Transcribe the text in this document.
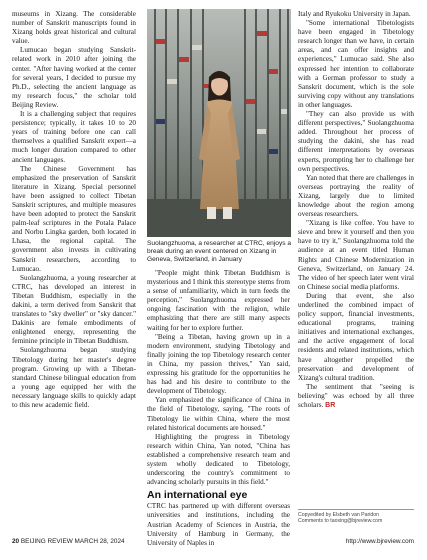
museums in Xizang. The considerable number of Sanskrit manuscripts found in Xizang holds great historical and cultural value.

Lumucao began studying Sanskrit-related work in 2010 after joining the center. "After having worked at the center for several years, I decided to pursue my Ph.D., selecting the ancient language as my research focus," the scholar told Beijing Review.

It is a challenging subject that requires persistence; typically, it takes 10 to 20 years of training before one can call themselves a qualified Sanskrit expert—a much longer duration compared to other ancient languages.

The Chinese Government has emphasized the preservation of Sanskrit literature in Xizang. Special personnel have been assigned to collect Tibetan Sanskrit scriptures, and multiple measures have been adopted to protect the Sanskrit palm-leaf scriptures in the Potala Palace and Norbu Lingka garden, both located in Lhasa, the regional capital. The government also invests in cultivating Sanskrit researchers, according to Lumucao.

Suolangzhuoma, a young researcher at CTRC, has developed an interest in Tibetan Buddhism, especially in the dakini, a term derived from Sanskrit that translates to "sky dweller" or "sky dancer." Dakinis are female embodiments of enlightened energy, representing the feminine principle in Tibetan Buddhism.

Suolangzhuoma began studying Tibetology during her master's degree program. Growing up with a Tibetan-standard Chinese bilingual education from a young age equipped her with the necessary language skills to quickly adapt to this new academic field.

Suolangzhuoma, a researcher at CTRC, enjoys a break during an event centered on Xizang in Geneva, Switzerland, in January

"People might think Tibetan Buddhism is mysterious and I think this stereotype stems from a sense of unfamiliarity, which in turn feeds the perception," Suolangzhuoma expressed her ongoing fascination with the religion, while emphasizing that there are still many aspects waiting for her to explore further.

"Being a Tibetan, having grown up in a modern environment, studying Tibetology and finally joining the top Tibetology research center in China, my passion thrives," Yan said, expressing his gratitude for the opportunities he has had and his desire to contribute to the development of Tibetology.

Yan emphasized the significance of China in the field of Tibetology, saying, "The roots of Tibetology lie within China, where the most related historical documents are housed."

Highlighting the progress in Tibetology research within China, Yan noted, "China has established a comprehensive research team and system wholly dedicated to Tibetology, underscoring the country's commitment to advancing scholarly pursuits in this field."

An international eye

CTRC has partnered up with different overseas universities and institutions, including the Austrian Academy of Sciences in Austria, the University of Hamburg in Germany, the University of Naples in

Italy and Ryukoku University in Japan.

"Some international Tibetologists have been engaged in Tibetology research longer than we have, in certain areas, and can offer insights and experiences," Lumucao said. She also expressed her intention to collaborate with a German professor to study a Sanskrit document, which is the sole surviving copy without any translations in other languages.

"They can also provide us with different perspectives," Suolangzhuoma added. Throughout her process of studying the dakini, she has read different interpretations by overseas experts, prompting her to challenge her own perspectives.

Yan noted that there are challenges in overseas portraying the reality of Xizang, largely due to limited knowledge about the region among overseas researchers.

"Xizang is like coffee. You have to sieve and brew it yourself and then you have to try it," Suolangzhuoma told the audience at an event titled Human Rights and Chinese Modernization in Geneva, Switzerland, on January 24. The video of her speech later went viral on Chinese social media platforms.

During that event, she also underlined the combined impact of policy support, financial investments, educational programs, training initiatives and international exchanges, and the active engagement of local residents and related institutions, which have altogether propelled the preservation and development of Xizang's cultural tradition.

The sentiment that "seeing is believing" was echoed by all three scholars. BR

Copyedited by Elsbeth van Paridon
Comments to taoxing@bjreview.com
20 BEIJING REVIEW MARCH 28, 2024	http://www.bjreview.com
